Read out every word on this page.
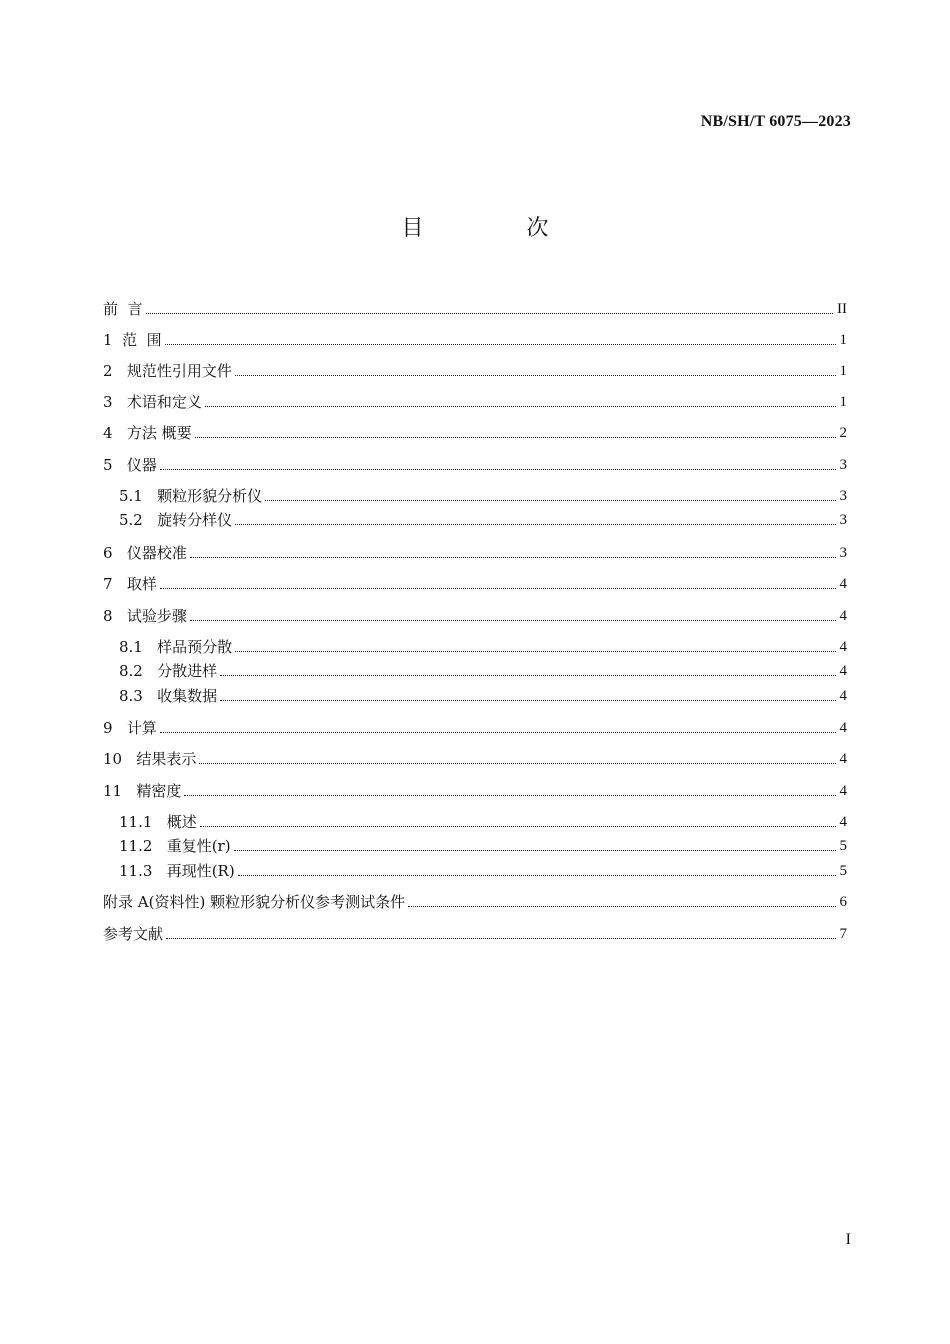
NB/SH/T 6075—2023
目 次
前  言	II
1  范  围	1
2   规范性引用文件	1
3   术语和定义	1
4   方法 概要	2
5   仪器	3
5.1   颗粒形貌分析仪	3
5.2   旋转分样仪	3
6   仪器校准	3
7   取样	4
8   试验步骤	4
8.1   样品预分散	4
8.2   分散进样	4
8.3   收集数据	4
9   计算	4
10   结果表示	4
11   精密度	4
11.1   概述	4
11.2   重复性(r)	5
11.3   再现性(R)	5
附录 A(资料性) 颗粒形貌分析仪参考测试条件	6
参考文献	7
I
